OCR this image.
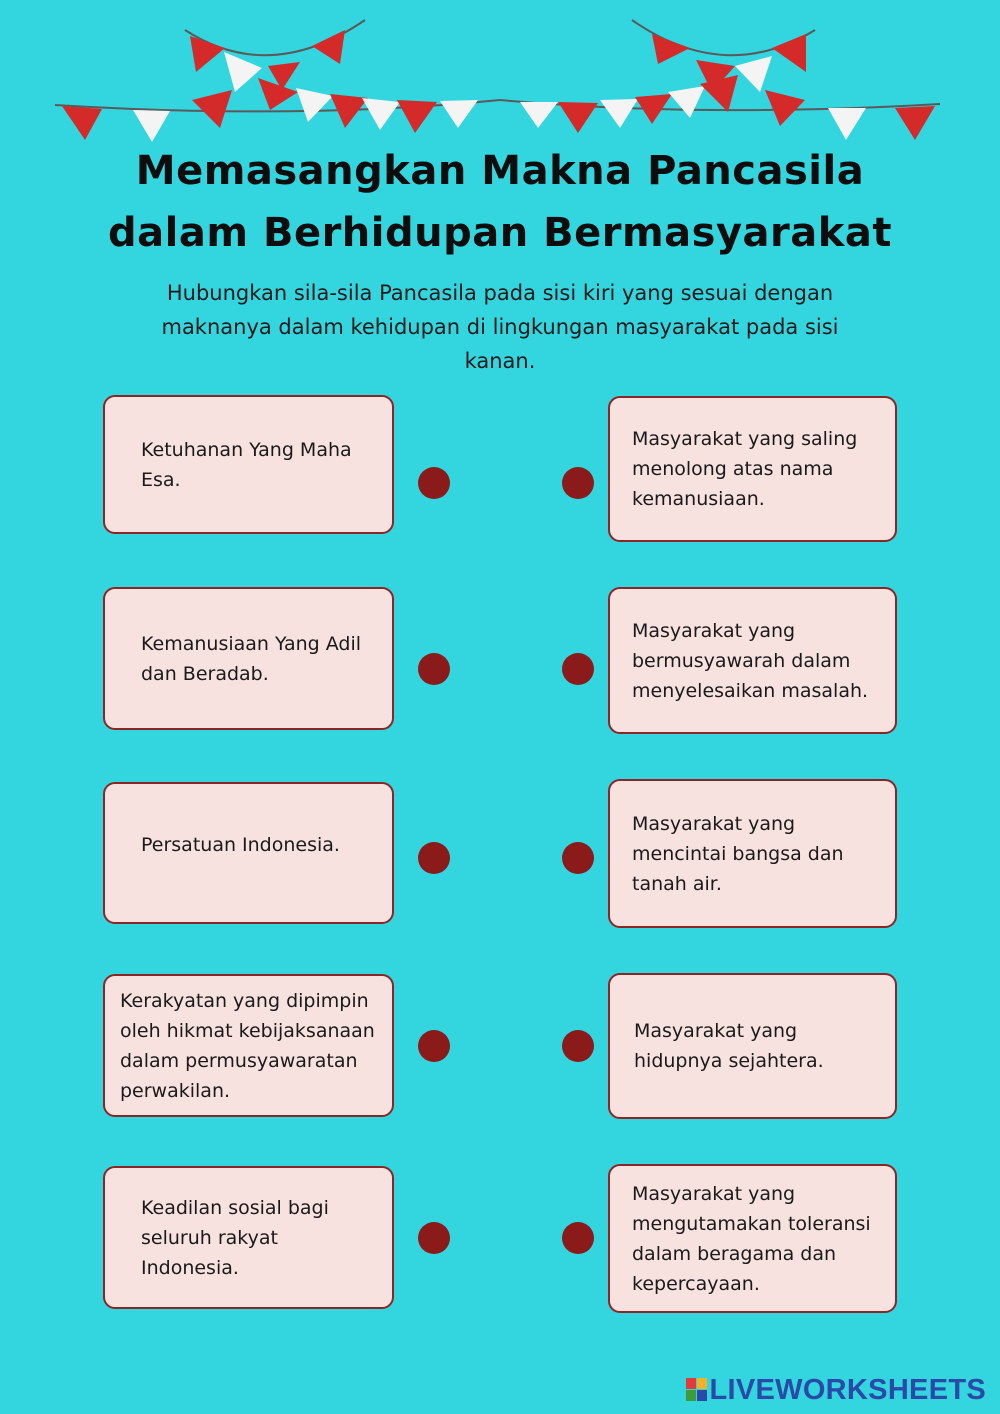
Memasangkan Makna Pancasila
dalam Berhidupan Bermasyarakat
Hubungkan sila-sila Pancasila pada sisi kiri yang sesuai dengan maknanya dalam kehidupan di lingkungan masyarakat pada sisi kanan.
Ketuhanan Yang Maha Esa.
Kemanusiaan Yang Adil dan Beradab.
Persatuan Indonesia.
Kerakyatan yang dipimpin oleh hikmat kebijaksanaan dalam permusyawaratan perwakilan.
Keadilan sosial bagi seluruh rakyat Indonesia.
Masyarakat yang saling menolong atas nama kemanusiaan.
Masyarakat yang bermusyawarah dalam menyelesaikan masalah.
Masyarakat yang mencintai bangsa dan tanah air.
Masyarakat yang hidupnya sejahtera.
Masyarakat yang mengutamakan toleransi dalam beragama dan kepercayaan.
LIVEWORKSHEETS
